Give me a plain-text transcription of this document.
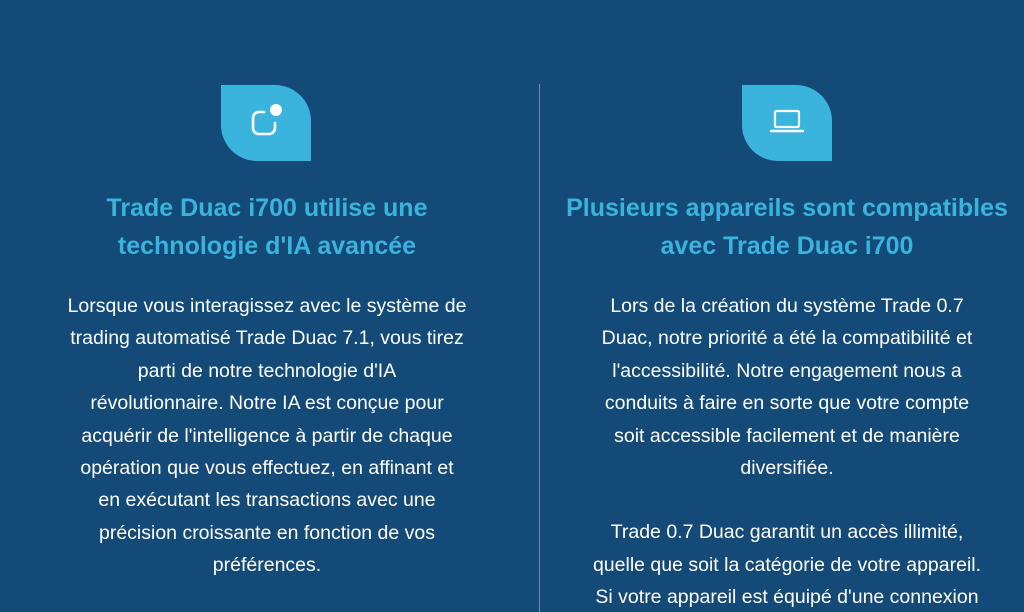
Trade Duac i700 utilise une
technologie d'IA avancée

Lorsque vous interagissez avec le système de
trading automatisé Trade Duac 7.1, vous tirez
parti de notre technologie d'IA
révolutionnaire. Notre IA est conçue pour
acquérir de l'intelligence à partir de chaque
opération que vous effectuez, en affinant et
en exécutant les transactions avec une
précision croissante en fonction de vos
préférences.

Plusieurs appareils sont compatibles
avec Trade Duac i700
Lors de la création du système Trade 0.7
Duac, notre priorité a été la compatibilité et
l'accessibilité. Notre engagement nous a
conduits à faire en sorte que votre compte
soit accessible facilement et de manière
diversifiée.
Trade 0.7 Duac garantit un accès illimité,
quelle que soit la catégorie de votre appareil.
Si votre appareil est équipé d'une connexion
